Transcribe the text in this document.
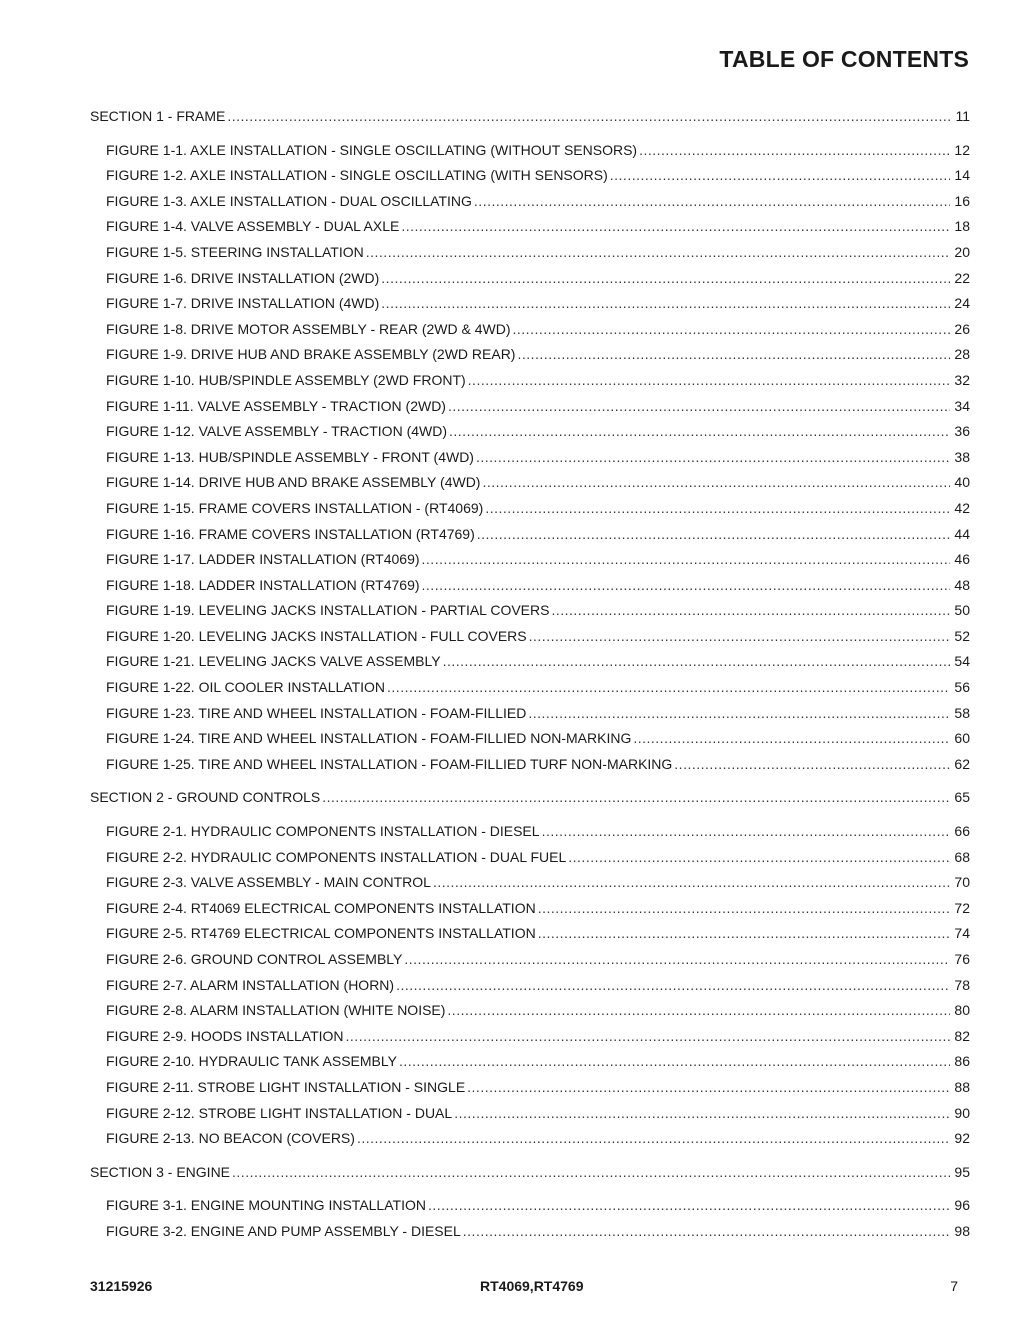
TABLE OF CONTENTS
SECTION 1 - FRAME .....	11
FIGURE 1-1. AXLE INSTALLATION - SINGLE OSCILLATING (WITHOUT SENSORS) .....	12
FIGURE 1-2. AXLE INSTALLATION - SINGLE OSCILLATING (WITH SENSORS) .....	14
FIGURE 1-3. AXLE INSTALLATION - DUAL OSCILLATING .....	16
FIGURE 1-4. VALVE ASSEMBLY - DUAL AXLE .....	18
FIGURE 1-5. STEERING INSTALLATION .....	20
FIGURE 1-6. DRIVE INSTALLATION (2WD) .....	22
FIGURE 1-7. DRIVE INSTALLATION (4WD) .....	24
FIGURE 1-8. DRIVE MOTOR ASSEMBLY - REAR (2WD & 4WD) .....	26
FIGURE 1-9. DRIVE HUB AND BRAKE ASSEMBLY (2WD REAR) .....	28
FIGURE 1-10. HUB/SPINDLE ASSEMBLY (2WD FRONT) .....	32
FIGURE 1-11. VALVE ASSEMBLY - TRACTION (2WD) .....	34
FIGURE 1-12. VALVE ASSEMBLY - TRACTION (4WD) .....	36
FIGURE 1-13. HUB/SPINDLE ASSEMBLY - FRONT (4WD) .....	38
FIGURE 1-14. DRIVE HUB AND BRAKE ASSEMBLY (4WD) .....	40
FIGURE 1-15. FRAME COVERS INSTALLATION - (RT4069) .....	42
FIGURE 1-16. FRAME COVERS INSTALLATION (RT4769) .....	44
FIGURE 1-17. LADDER INSTALLATION (RT4069) .....	46
FIGURE 1-18. LADDER INSTALLATION (RT4769) .....	48
FIGURE 1-19. LEVELING JACKS INSTALLATION - PARTIAL COVERS .....	50
FIGURE 1-20. LEVELING JACKS INSTALLATION - FULL COVERS .....	52
FIGURE 1-21. LEVELING JACKS VALVE ASSEMBLY .....	54
FIGURE 1-22. OIL COOLER INSTALLATION .....	56
FIGURE 1-23. TIRE AND WHEEL INSTALLATION - FOAM-FILLIED .....	58
FIGURE 1-24. TIRE AND WHEEL INSTALLATION - FOAM-FILLIED NON-MARKING .....	60
FIGURE 1-25. TIRE AND WHEEL INSTALLATION - FOAM-FILLIED TURF NON-MARKING .....	62
SECTION 2 - GROUND CONTROLS .....	65
FIGURE 2-1. HYDRAULIC COMPONENTS INSTALLATION - DIESEL .....	66
FIGURE 2-2. HYDRAULIC COMPONENTS INSTALLATION - DUAL FUEL .....	68
FIGURE 2-3. VALVE ASSEMBLY - MAIN CONTROL .....	70
FIGURE 2-4. RT4069 ELECTRICAL COMPONENTS INSTALLATION .....	72
FIGURE 2-5. RT4769 ELECTRICAL COMPONENTS INSTALLATION .....	74
FIGURE 2-6. GROUND CONTROL ASSEMBLY .....	76
FIGURE 2-7. ALARM INSTALLATION (HORN) .....	78
FIGURE 2-8. ALARM INSTALLATION (WHITE NOISE) .....	80
FIGURE 2-9. HOODS INSTALLATION .....	82
FIGURE 2-10. HYDRAULIC TANK ASSEMBLY .....	86
FIGURE 2-11. STROBE LIGHT INSTALLATION - SINGLE .....	88
FIGURE 2-12. STROBE LIGHT INSTALLATION - DUAL .....	90
FIGURE 2-13. NO BEACON (COVERS) .....	92
SECTION 3 - ENGINE .....	95
FIGURE 3-1. ENGINE MOUNTING INSTALLATION .....	96
FIGURE 3-2. ENGINE AND PUMP ASSEMBLY - DIESEL .....	98
31215926	RT4069,RT4769	7
